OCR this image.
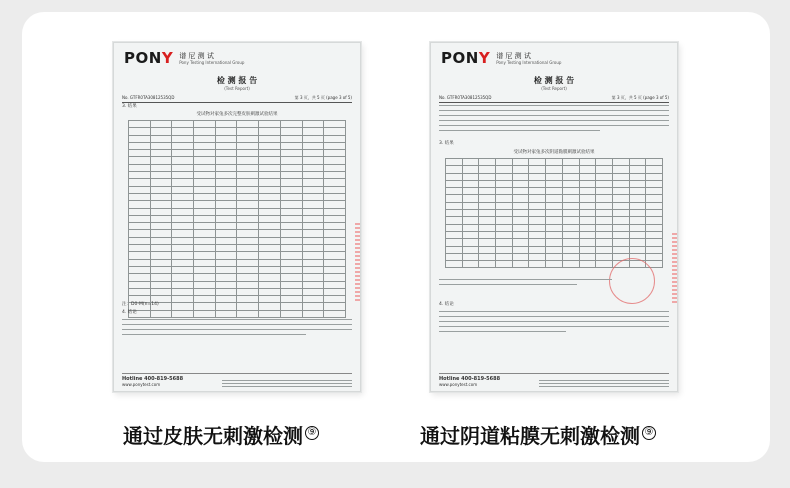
PONY 谱 尼 测 试
Pony Testing International Group
检 测 报 告
(Test Report)
No. GTFR0TA30812535QD	第 3 页，共 5 页 (page 3 of 5)
3. 结果
受试物对家兔多次完整皮肤刺激试验结果

注：D0-M(n=14)
4. 结论
Hotline 400-819-5688
www.ponytest.com
PONY 谱 尼 测 试
Pony Testing International Group
检 测 报 告
(Test Report)
No. GTFR0TA30812535QD	第 3 页，共 5 页 (page 3 of 5)
3. 结果
受试物对家兔多次阴道黏膜刺激试验结果

4. 结论
Hotline 400-819-5688
www.ponytest.com
通过皮肤无刺激检测 ⑨	通过阴道粘膜无刺激检测 ⑨
